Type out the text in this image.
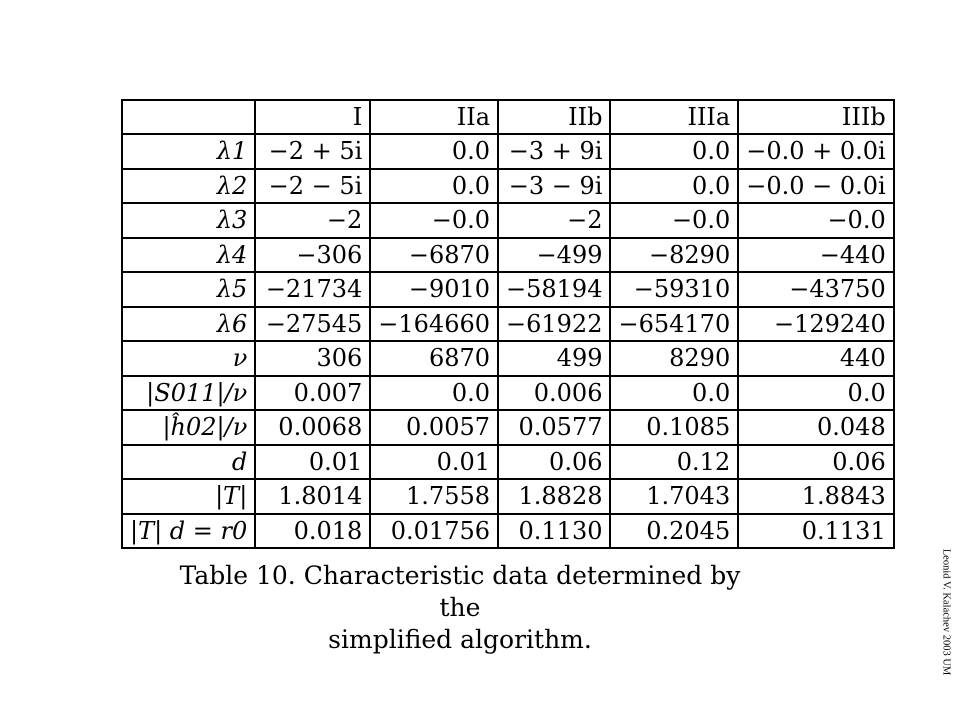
	I	IIa	IIb	IIIa	IIIb
λ1	−2 + 5i	0.0	−3 + 9i	0.0	−0.0 + 0.0i
λ2	−2 − 5i	0.0	−3 − 9i	0.0	−0.0 − 0.0i
λ3	−2	−0.0	−2	−0.0	−0.0
λ4	−306	−6870	−499	−8290	−440
λ5	−21734	−9010	−58194	−59310	−43750
λ6	−27545	−164660	−61922	−654170	−129240
ν	306	6870	499	8290	440
|S011|/ν	0.007	0.0	0.006	0.0	0.0
|ĥ02|/ν	0.0068	0.0057	0.0577	0.1085	0.048
d	0.01	0.01	0.06	0.12	0.06
|T|	1.8014	1.7558	1.8828	1.7043	1.8843
|T| d = r0	0.018	0.01756	0.1130	0.2045	0.1131
Table 10. Characteristic data determined by the
simplified algorithm.	Leonid V. Kalachev 2003 UM
